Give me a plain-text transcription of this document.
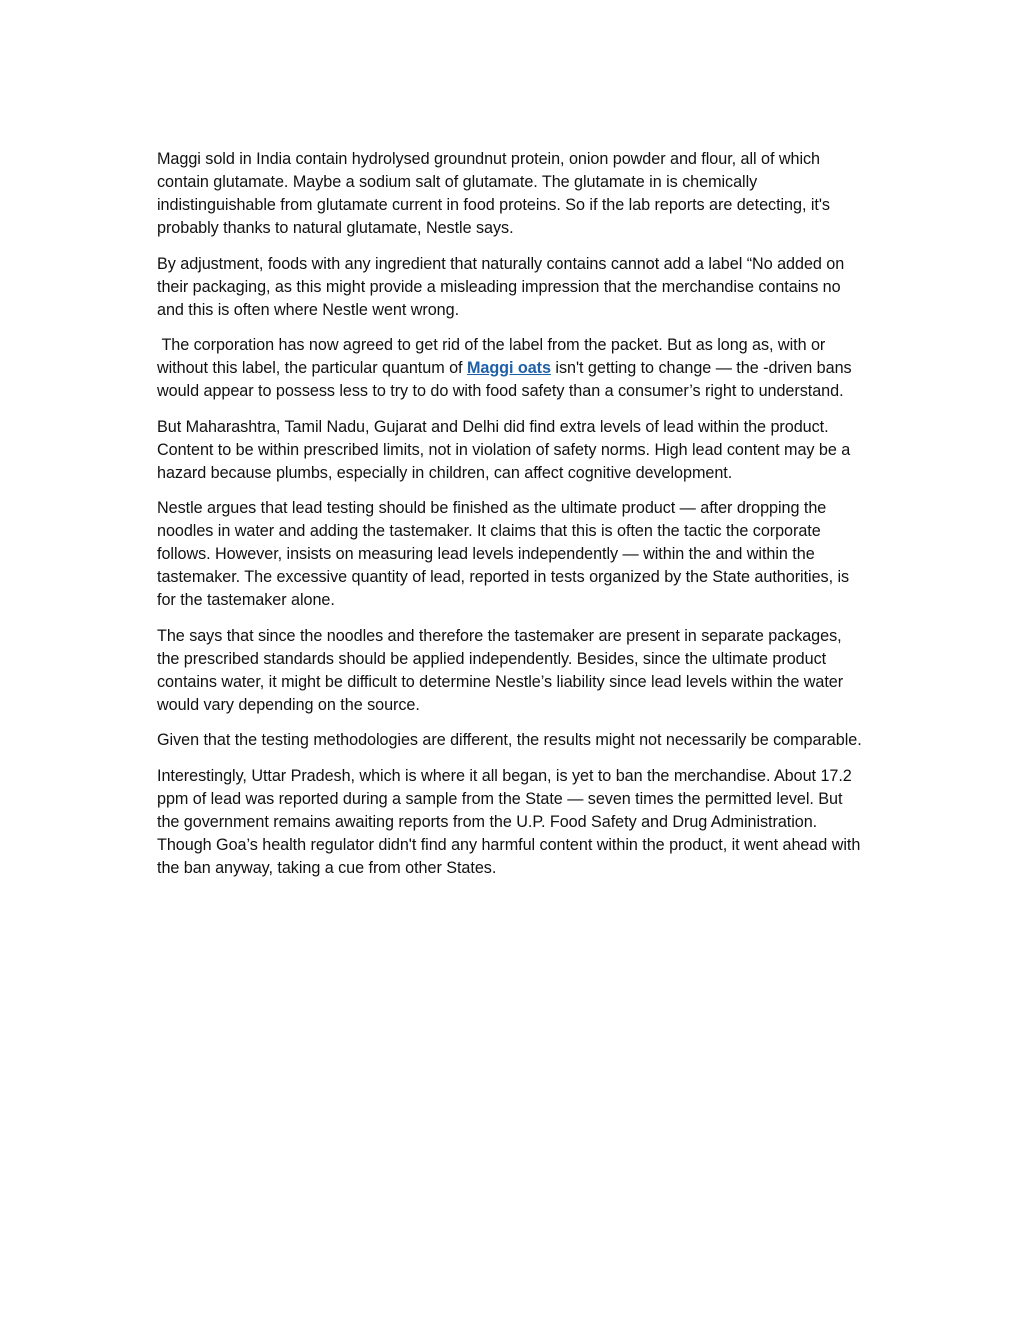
Maggi sold in India contain hydrolysed groundnut protein, onion powder and flour, all of which contain glutamate. Maybe a sodium salt of glutamate. The glutamate in is chemically indistinguishable from glutamate current in food proteins. So if the lab reports are detecting, it's probably thanks to natural glutamate, Nestle says.

By adjustment, foods with any ingredient that naturally contains cannot add a label “No added on their packaging, as this might provide a misleading impression that the merchandise contains no and this is often where Nestle went wrong.

The corporation has now agreed to get rid of the label from the packet. But as long as, with or without this label, the particular quantum of Maggi oats isn't getting to change — the -driven bans would appear to possess less to try to do with food safety than a consumer’s right to understand.

But Maharashtra, Tamil Nadu, Gujarat and Delhi did find extra levels of lead within the product. Content to be within prescribed limits, not in violation of safety norms. High lead content may be a hazard because plumbs, especially in children, can affect cognitive development.

Nestle argues that lead testing should be finished as the ultimate product — after dropping the noodles in water and adding the tastemaker. It claims that this is often the tactic the corporate follows. However, insists on measuring lead levels independently — within the and within the tastemaker. The excessive quantity of lead, reported in tests organized by the State authorities, is for the tastemaker alone.

The says that since the noodles and therefore the tastemaker are present in separate packages, the prescribed standards should be applied independently. Besides, since the ultimate product contains water, it might be difficult to determine Nestle’s liability since lead levels within the water would vary depending on the source.

Given that the testing methodologies are different, the results might not necessarily be comparable.

Interestingly, Uttar Pradesh, which is where it all began, is yet to ban the merchandise. About 17.2 ppm of lead was reported during a sample from the State — seven times the permitted level. But the government remains awaiting reports from the U.P. Food Safety and Drug Administration. Though Goa’s health regulator didn't find any harmful content within the product, it went ahead with the ban anyway, taking a cue from other States.
